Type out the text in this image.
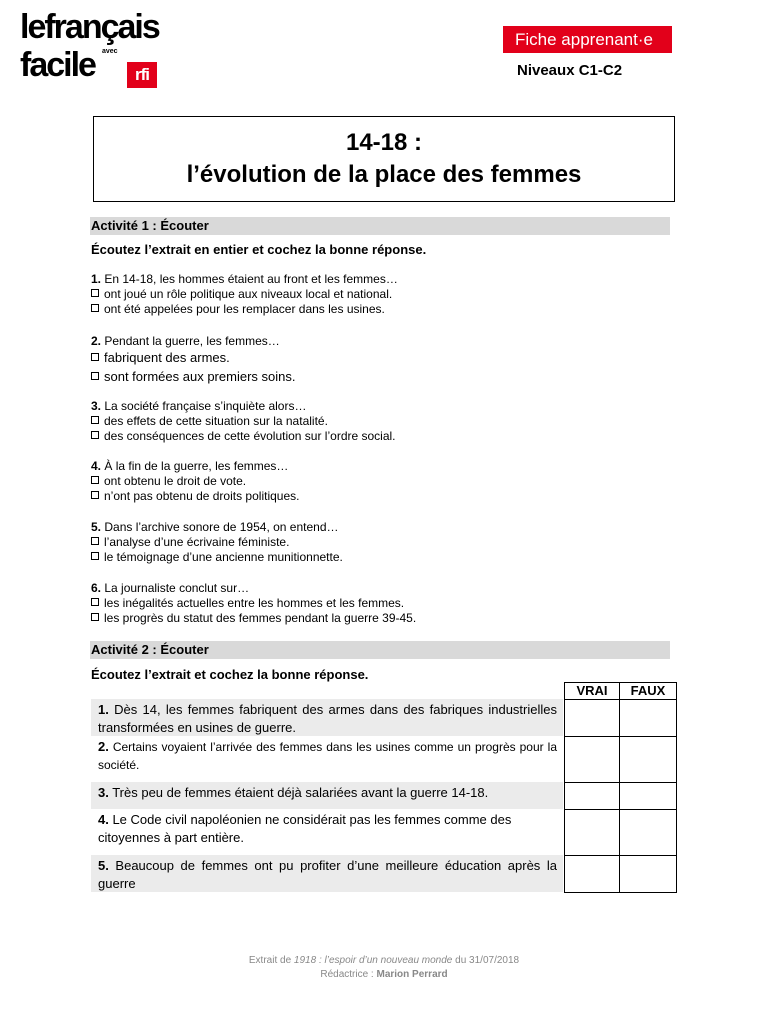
lefrançais
facile avec
rfi
Fiche apprenant·e
Niveaux C1-C2
14-18 :
l’évolution de la place des femmes
Activité 1 : Écouter
Écoutez l’extrait en entier et cochez la bonne réponse.
1. En 14-18, les hommes étaient au front et les femmes…
ont joué un rôle politique aux niveaux local et national.
ont été appelées pour les remplacer dans les usines.
2. Pendant la guerre, les femmes…
fabriquent des armes.
sont formées aux premiers soins.
3. La société française s’inquiète alors…
des effets de cette situation sur la natalité.
des conséquences de cette évolution sur l’ordre social.
4. À la fin de la guerre, les femmes…
ont obtenu le droit de vote.
n’ont pas obtenu de droits politiques.
5. Dans l’archive sonore de 1954, on entend…
l’analyse d’une écrivaine féministe.
le témoignage d’une ancienne munitionnette.
6. La journaliste conclut sur…
les inégalités actuelles entre les hommes et les femmes.
les progrès du statut des femmes pendant la guerre 39-45.
Activité 2 : Écouter
Écoutez l’extrait et cochez la bonne réponse.
VRAI	FAUX
1. Dès 14, les femmes fabriquent des armes dans des fabriques industrielles transformées en usines de guerre.
2. Certains voyaient l’arrivée des femmes dans les usines comme un progrès pour la société.
3. Très peu de femmes étaient déjà salariées avant la guerre 14-18.
4. Le Code civil napoléonien ne considérait pas les femmes comme des citoyennes à part entière.
5. Beaucoup de femmes ont pu profiter d’une meilleure éducation après la guerre
Extrait de 1918 : l’espoir d’un nouveau monde du 31/07/2018
Rédactrice : Marion Perrard
